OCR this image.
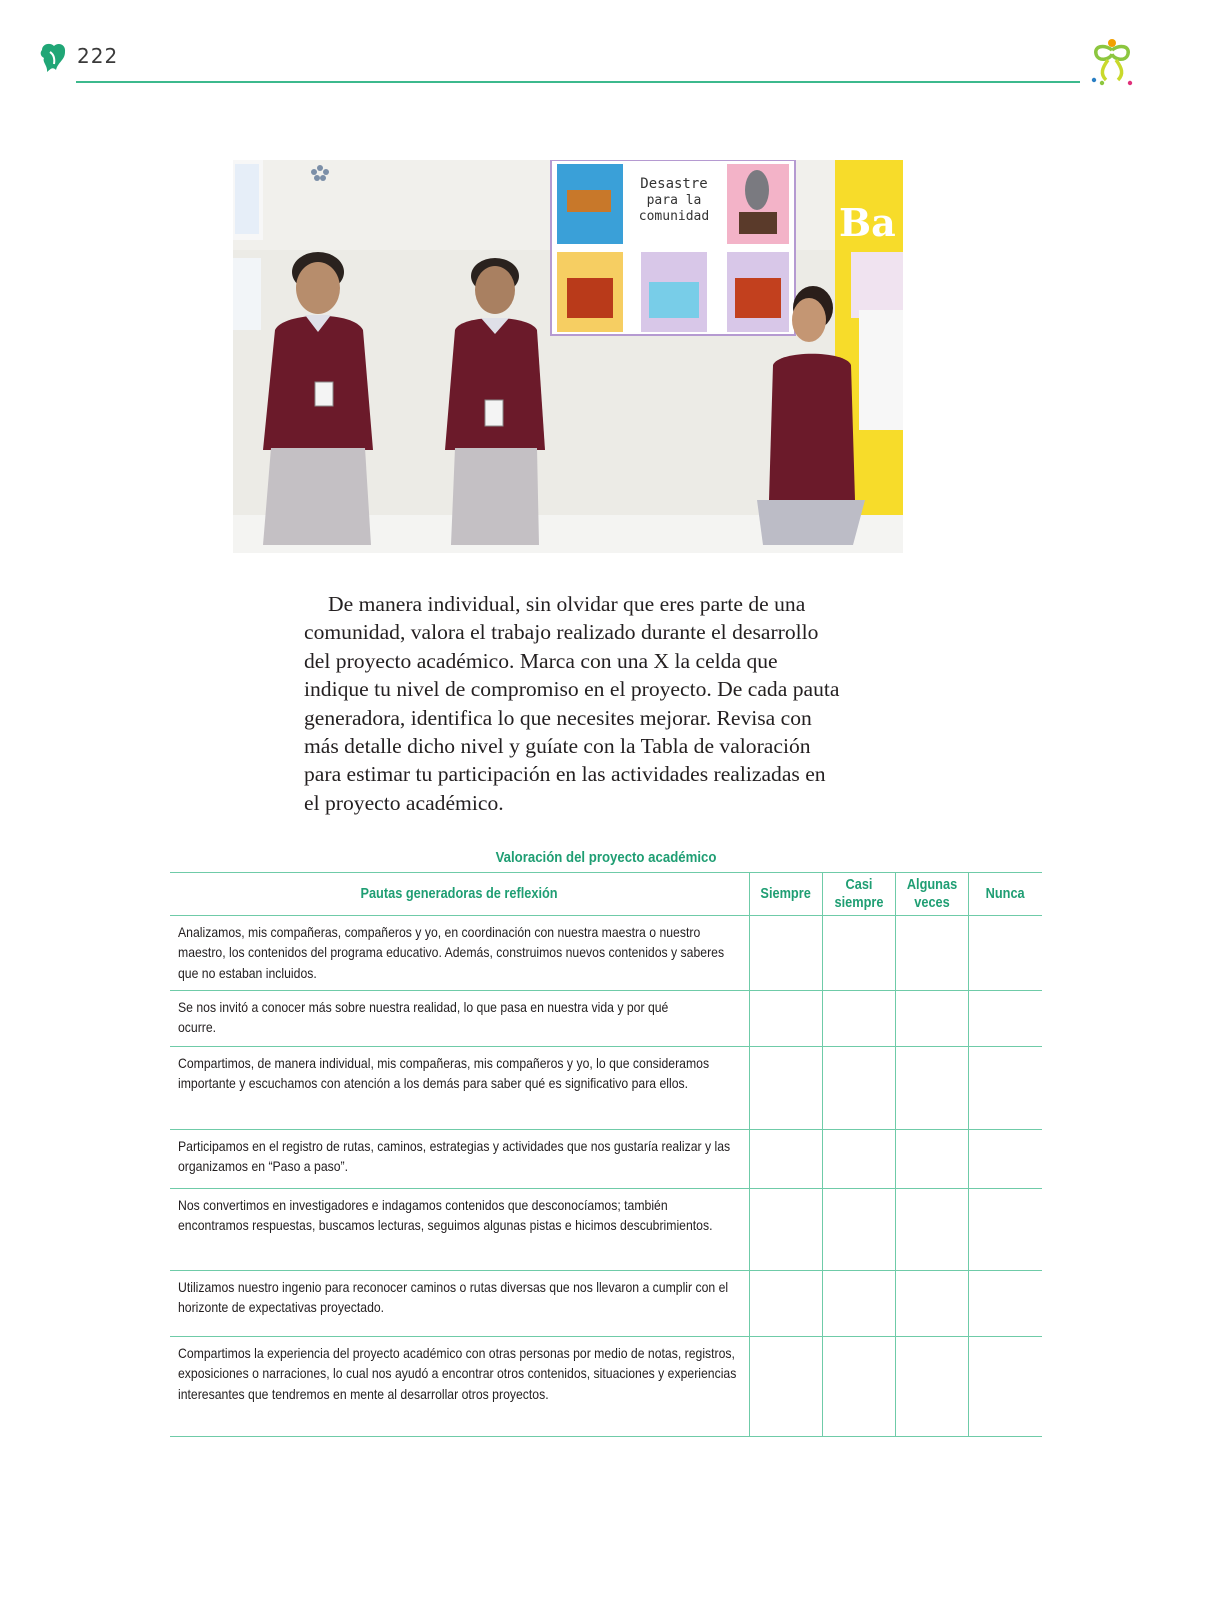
222
Desastre
para la
comunidad	Ba

De manera individual, sin olvidar que eres parte de una comunidad, valora el trabajo realizado durante el desarrollo del proyecto académico. Marca con una X la celda que indique tu nivel de compromiso en el proyecto. De cada pauta generadora, identifica lo que necesites mejorar. Revisa con más detalle dicho nivel y guíate con la Tabla de valoración para estimar tu participación en las actividades realizadas en el proyecto académico.

Valoración del proyecto académico
Pautas generadoras de reflexión	Siempre	Casi siempre	Algunas veces	Nunca

Analizamos, mis compañeras, compañeros y yo, en coordinación con nuestra maestra o nuestro maestro, los contenidos del programa educativo. Además, construimos nuevos contenidos y saberes que no estaban incluidos.				

Se nos invitó a conocer más sobre nuestra realidad, lo que pasa en nuestra vida y por qué ocurre.				

Compartimos, de manera individual, mis compañeras, mis compañeros y yo, lo que consideramos importante y escuchamos con atención a los demás para saber qué es significativo para ellos.				

Participamos en el registro de rutas, caminos, estrategias y actividades que nos gustaría realizar y las organizamos en “Paso a paso”.				

Nos convertimos en investigadores e indagamos contenidos que desconocíamos; también encontramos respuestas, buscamos lecturas, seguimos algunas pistas e hicimos descubrimientos.				

Utilizamos nuestro ingenio para reconocer caminos o rutas diversas que nos llevaron a cumplir con el horizonte de expectativas proyectado.				

Compartimos la experiencia del proyecto académico con otras personas por medio de notas, registros, exposiciones o narraciones, lo cual nos ayudó a encontrar otros contenidos, situaciones y experiencias interesantes que tendremos en mente al desarrollar otros proyectos.				
